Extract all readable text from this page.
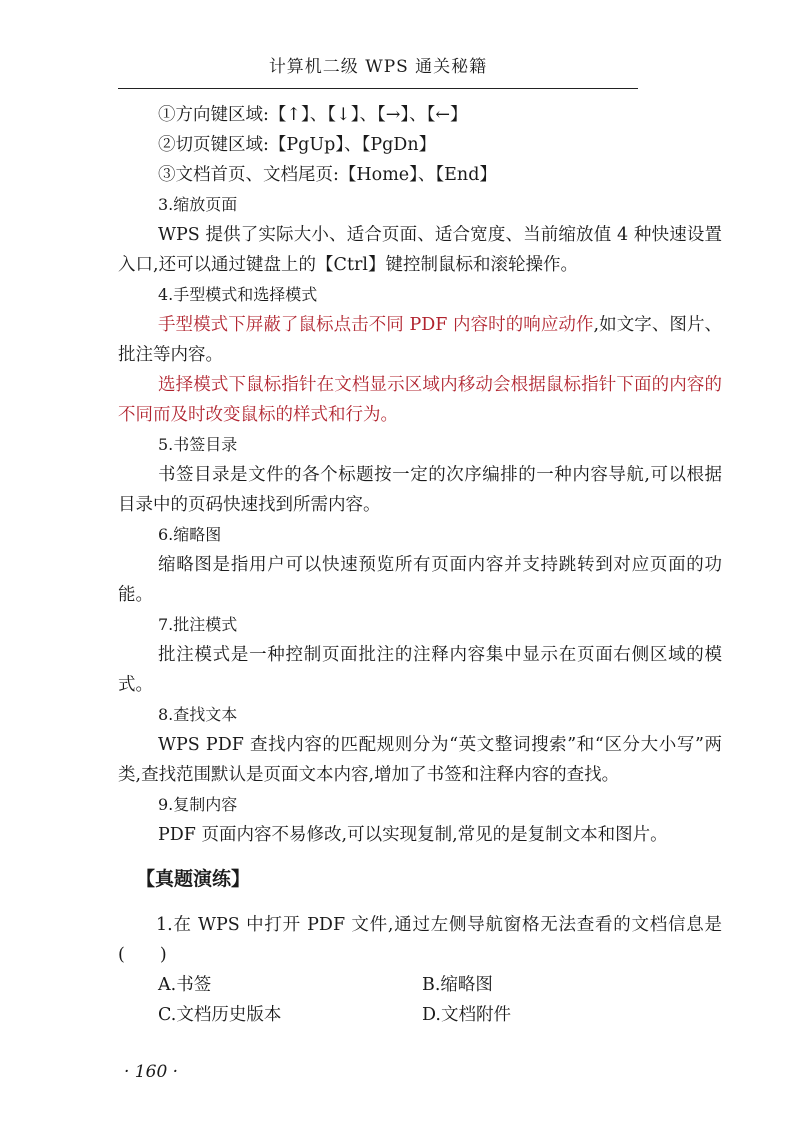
计算机二级 WPS 通关秘籍

①方向键区域:【↑】、【↓】、【→】、【←】

②切页键区域:【PgUp】、【PgDn】

③文档首页、文档尾页:【Home】、【End】

3.缩放页面

WPS 提供了实际大小、适合页面、适合宽度、当前缩放值 4 种快速设置入口,还可以通过键盘上的【Ctrl】键控制鼠标和滚轮操作。

4.手型模式和选择模式

手型模式下屏蔽了鼠标点击不同 PDF 内容时的响应动作,如文字、图片、批注等内容。

选择模式下鼠标指针在文档显示区域内移动会根据鼠标指针下面的内容的不同而及时改变鼠标的样式和行为。

5.书签目录

书签目录是文件的各个标题按一定的次序编排的一种内容导航,可以根据目录中的页码快速找到所需内容。

6.缩略图

缩略图是指用户可以快速预览所有页面内容并支持跳转到对应页面的功能。

7.批注模式

批注模式是一种控制页面批注的注释内容集中显示在页面右侧区域的模式。

8.查找文本

WPS PDF 查找内容的匹配规则分为“英文整词搜索”和“区分大小写”两类,查找范围默认是页面文本内容,增加了书签和注释内容的查找。

9.复制内容

PDF 页面内容不易修改,可以实现复制,常见的是复制文本和图片。

【真题演练】

1.在 WPS 中打开 PDF 文件,通过左侧导航窗格无法查看的文档信息是(　　)

A.书签	B.缩略图
C.文档历史版本	D.文档附件
· 160 ·
